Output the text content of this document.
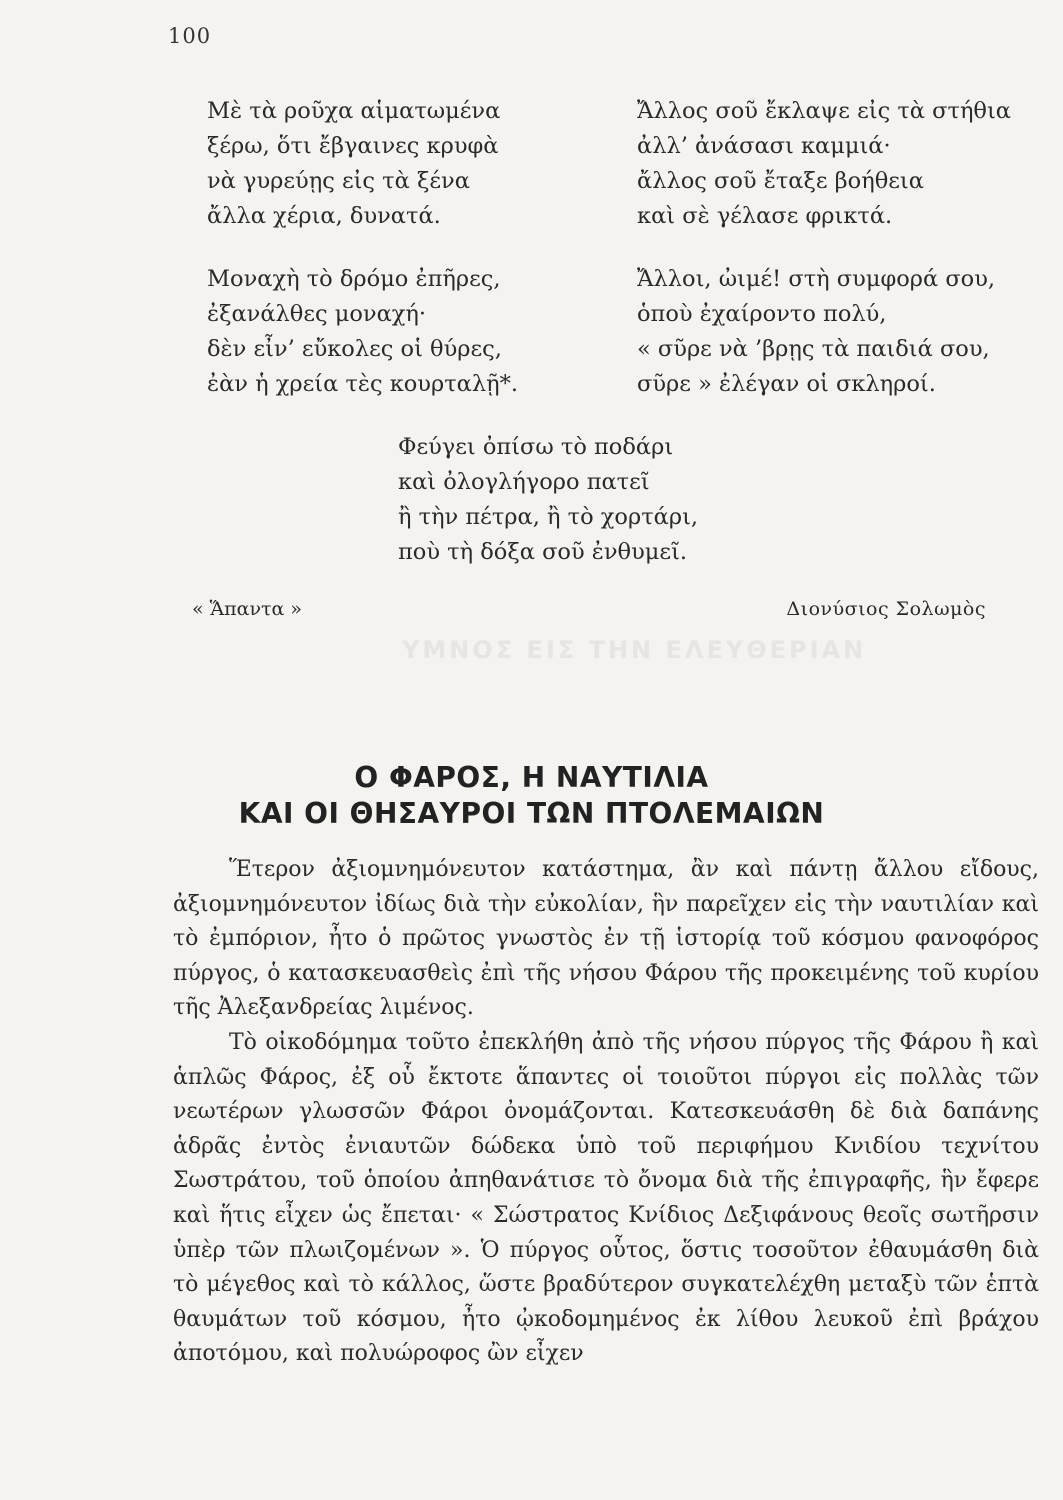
100
ΥΜΝΟΣ ΕΙΣ ΤΗΝ ΕΛΕΥΘΕΡΙΑΝ
Μὲ τὰ ροῦχα αἱματωμένα
ξέρω, ὅτι ἔβγαινες κρυφὰ
νὰ γυρεύῃς εἰς τὰ ξένα
ἄλλα χέρια, δυνατά.
Ἄλλος σοῦ ἔκλαψε εἰς τὰ στήθια
ἀλλ’ ἀνάσασι καμμιά·
ἄλλος σοῦ ἔταξε βοήθεια
καὶ σὲ γέλασε φρικτά.
Μοναχὴ τὸ δρόμο ἐπῆρες,
ἐξανάλθες μοναχή·
δὲν εἶν’ εὔκολες οἱ θύρες,
ἐὰν ἡ χρεία τὲς κουρταλῇ*.
Ἄλλοι, ὠιμέ! στὴ συμφορά σου,
ὁποὺ ἐχαίροντο πολύ,
« σῦρε νὰ ’βρῃς τὰ παιδιά σου,
σῦρε » ἐλέγαν οἱ σκληροί.
Φεύγει ὀπίσω τὸ ποδάρι
καὶ ὀλογλήγορο πατεῖ
ἢ τὴν πέτρα, ἢ τὸ χορτάρι,
ποὺ τὴ δόξα σοῦ ἐνθυμεῖ.
« Ἅπαντα »	Διονύσιος Σολωμὸς
Ο ΦΑΡΟΣ, Η ΝΑΥΤΙΛΙΑ
ΚΑΙ ΟΙ ΘΗΣΑΥΡΟΙ ΤΩΝ ΠΤΟΛΕΜΑΙΩΝ

Ἕτερον ἀξιομνημόνευτον κατάστημα, ἂν καὶ πάντῃ ἄλλου εἴδους, ἀξιομνημόνευτον ἰδίως διὰ τὴν εὐκολίαν, ἣν παρεῖχεν εἰς τὴν ναυτιλίαν καὶ τὸ ἐμπόριον, ἦτο ὁ πρῶτος γνωστὸς ἐν τῇ ἱστορίᾳ τοῦ κόσμου φανοφόρος πύργος, ὁ κατασκευασθεὶς ἐπὶ τῆς νήσου Φάρου τῆς προκειμένης τοῦ κυρίου τῆς Ἀλεξανδρείας λιμένος.

Τὸ οἰκοδόμημα τοῦτο ἐπεκλήθη ἀπὸ τῆς νήσου πύργος τῆς Φάρου ἢ καὶ ἁπλῶς Φάρος, ἐξ οὗ ἔκτοτε ἅπαντες οἱ τοιοῦτοι πύργοι εἰς πολλὰς τῶν νεωτέρων γλωσσῶν Φάροι ὀνομάζονται. Κατεσκευάσθη δὲ διὰ δαπάνης ἁδρᾶς ἐντὸς ἐνιαυτῶν δώδεκα ὑπὸ τοῦ περιφήμου Κνιδίου τεχνίτου Σωστράτου, τοῦ ὁποίου ἀπηθανάτισε τὸ ὄνομα διὰ τῆς ἐπιγραφῆς, ἣν ἔφερε καὶ ἥτις εἶχεν ὡς ἔπεται· « Σώστρατος Κνίδιος Δεξιφάνους θεοῖς σωτῆρσιν ὑπὲρ τῶν πλωιζομένων ». Ὁ πύργος οὗτος, ὅστις τοσοῦτον ἐθαυμάσθη διὰ τὸ μέγεθος καὶ τὸ κάλλος, ὥστε βραδύτερον συγκατελέχθη μεταξὺ τῶν ἑπτὰ θαυμάτων τοῦ κόσμου, ἦτο ᾠκοδομημένος ἐκ λίθου λευκοῦ ἐπὶ βράχου ἀποτόμου, καὶ πολυώροφος ὢν εἶχεν
